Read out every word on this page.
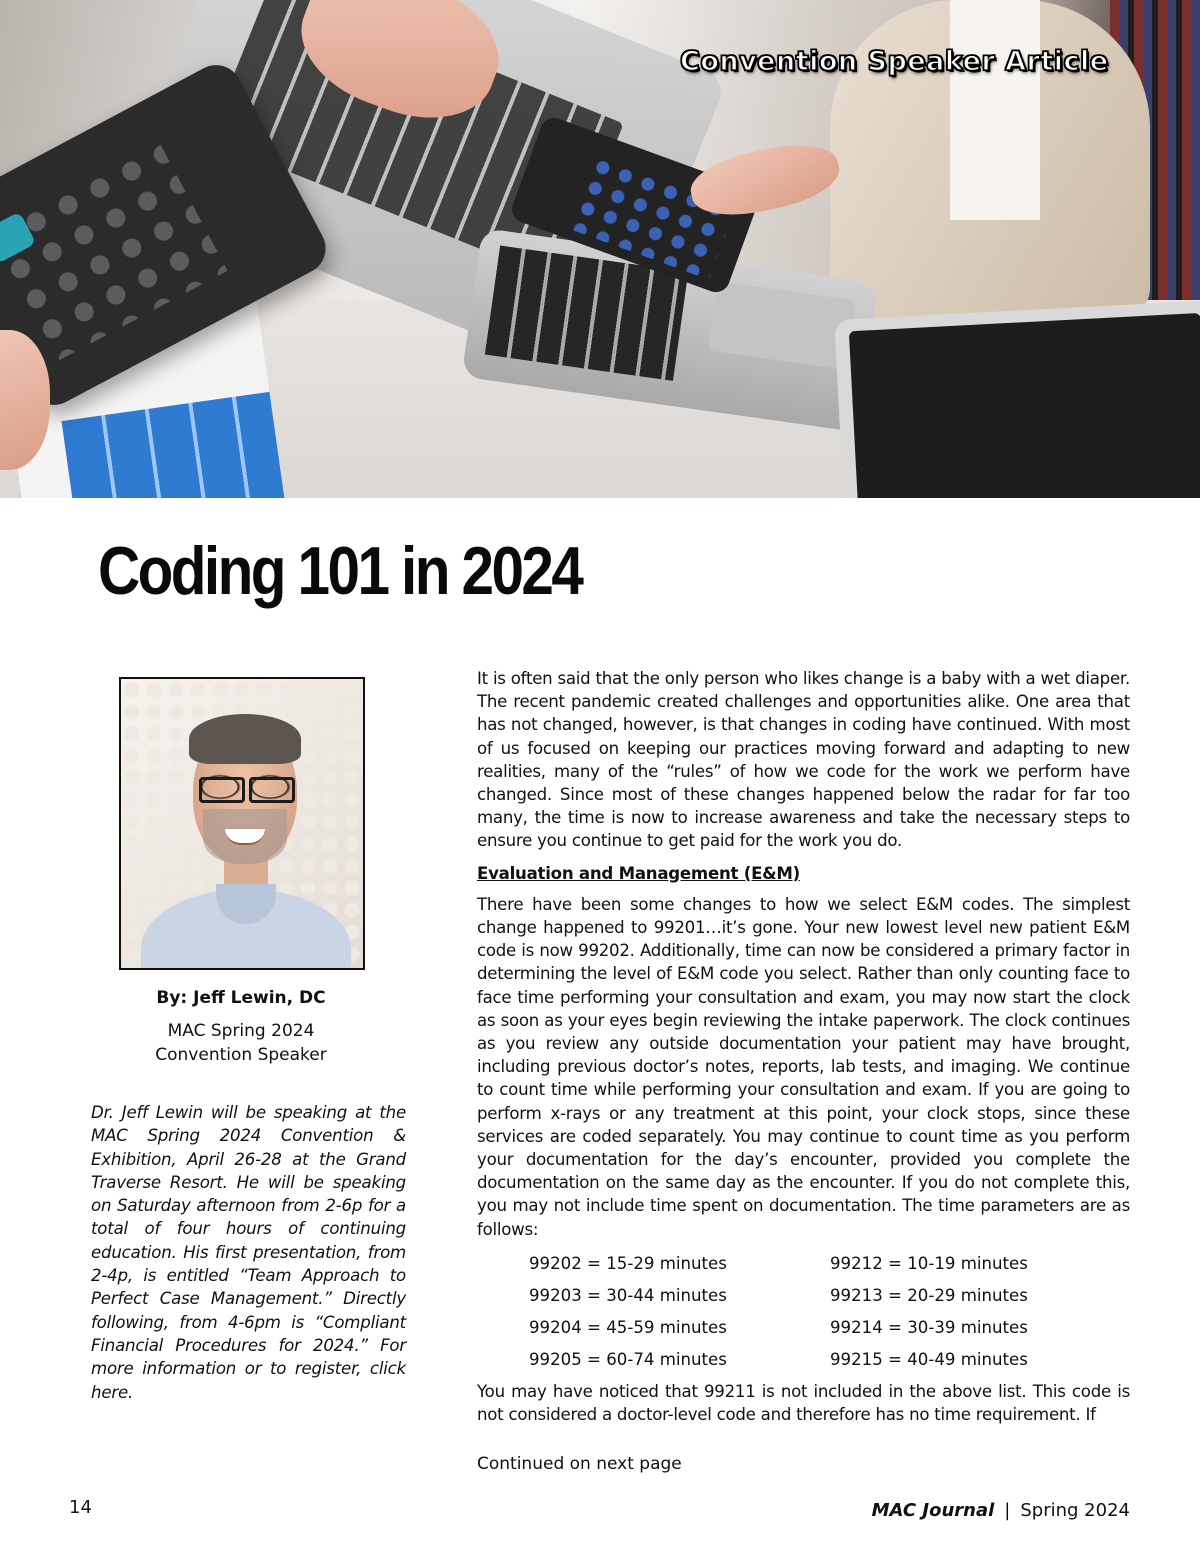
Convention Speaker Article

Coding 101 in 2024

By: Jeff Lewin, DC

MAC Spring 2024
Convention Speaker

Dr. Jeff Lewin will be speaking at the MAC Spring 2024 Convention & Exhibition, April 26-28 at the Grand Traverse Resort. He will be speaking on Saturday afternoon from 2-6p for a total of four hours of continuing education. His first presentation, from 2-4p, is entitled “Team Approach to Perfect Case Management.” Directly following, from 4-6pm is “Compliant Financial Procedures for 2024.” For more information or to register, click here.

It is often said that the only person who likes change is a baby with a wet diaper. The recent pandemic created challenges and opportunities alike. One area that has not changed, however, is that changes in coding have continued. With most of us focused on keeping our practices moving forward and adapting to new realities, many of the “rules” of how we code for the work we perform have changed. Since most of these changes happened below the radar for far too many, the time is now to increase awareness and take the necessary steps to ensure you continue to get paid for the work you do.

Evaluation and Management (E&M)

There have been some changes to how we select E&M codes. The simplest change happened to 99201…it’s gone. Your new lowest level new patient E&M code is now 99202. Additionally, time can now be considered a primary factor in determining the level of E&M code you select. Rather than only counting face to face time performing your consultation and exam, you may now start the clock as soon as your eyes begin reviewing the intake paperwork. The clock continues as you review any outside documentation your patient may have brought, including previous doctor’s notes, reports, lab tests, and imaging. We continue to count time while performing your consultation and exam. If you are going to perform x-rays or any treatment at this point, your clock stops, since these services are coded separately. You may continue to count time as you perform your documentation for the day’s encounter, provided you complete the documentation on the same day as the encounter. If you do not complete this, you may not include time spent on documentation. The time parameters are as follows:

99202 = 15-29 minutes	99212 = 10-19 minutes
99203 = 30-44 minutes	99213 = 20-29 minutes
99204 = 45-59 minutes	99214 = 30-39 minutes
99205 = 60-74 minutes	99215 = 40-49 minutes

You may have noticed that 99211 is not included in the above list. This code is not considered a doctor-level code and therefore has no time requirement. If

Continued on next page

14	MAC Journal | Spring 2024
